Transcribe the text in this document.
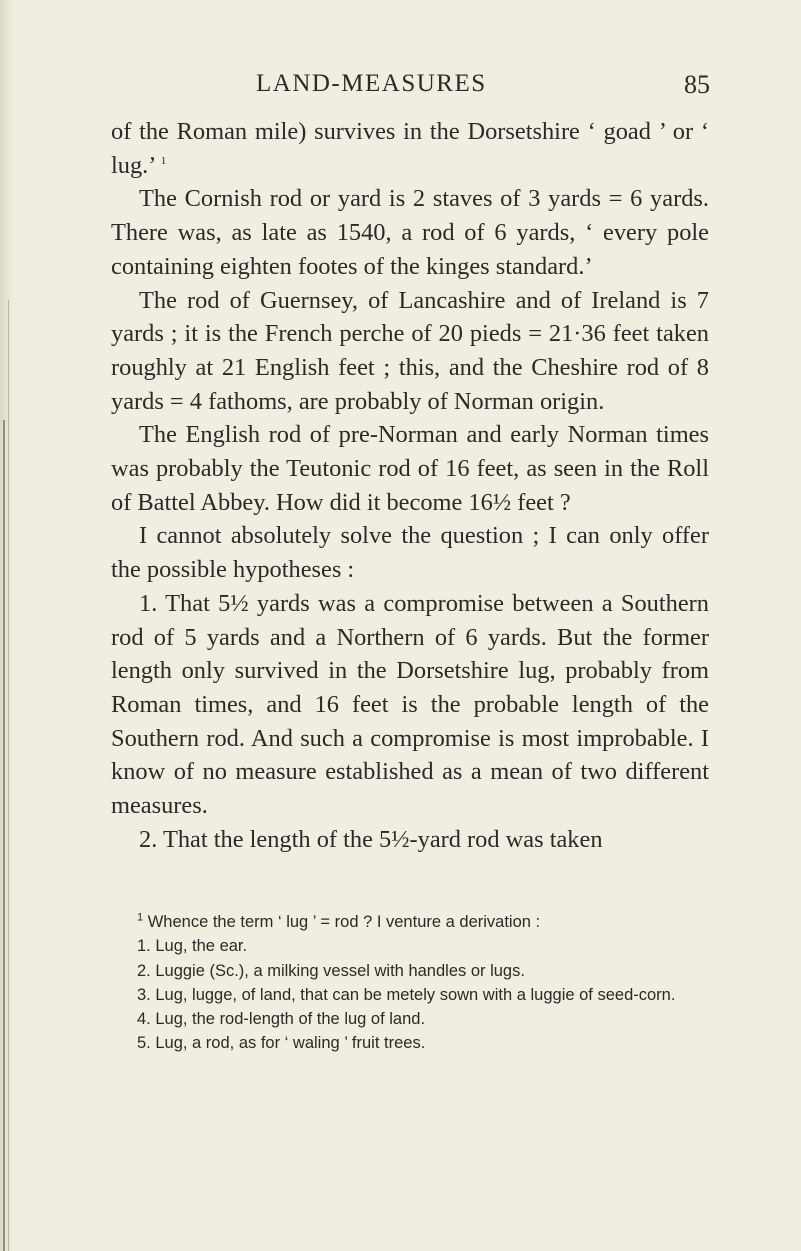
LAND-MEASURES	85

of the Roman mile) survives in the Dorsetshire ‘ goad ’ or ‘ lug.’ $^1$

The Cornish rod or yard is 2 staves of 3 yards = 6 yards. There was, as late as 1540, a rod of 6 yards, ‘ every pole containing eighten footes of the kinges standard.’

The rod of Guernsey, of Lancashire and of Ireland is 7 yards ; it is the French perche of 20 pieds = 21·36 feet taken roughly at 21 English feet ; this, and the Cheshire rod of 8 yards = 4 fathoms, are probably of Norman origin.

The English rod of pre-Norman and early Norman times was probably the Teutonic rod of 16 feet, as seen in the Roll of Battel Abbey. How did it become 16½ feet ?

I cannot absolutely solve the question ; I can only offer the possible hypotheses :

1. That 5½ yards was a compromise between a Southern rod of 5 yards and a Northern of 6 yards. But the former length only survived in the Dorsetshire lug, probably from Roman times, and 16 feet is the probable length of the Southern rod. And such a compromise is most improbable. I know of no measure established as a mean of two different measures.

2. That the length of the 5½-yard rod was taken

$^1$ Whence the term ‘ lug ’ = rod ? I venture a derivation :

1. Lug, the ear.

2. Luggie (Sc.), a milking vessel with handles or lugs.

3. Lug, lugge, of land, that can be metely sown with a luggie of seed-corn.

4. Lug, the rod-length of the lug of land.

5. Lug, a rod, as for ‘ waling ’ fruit trees.
